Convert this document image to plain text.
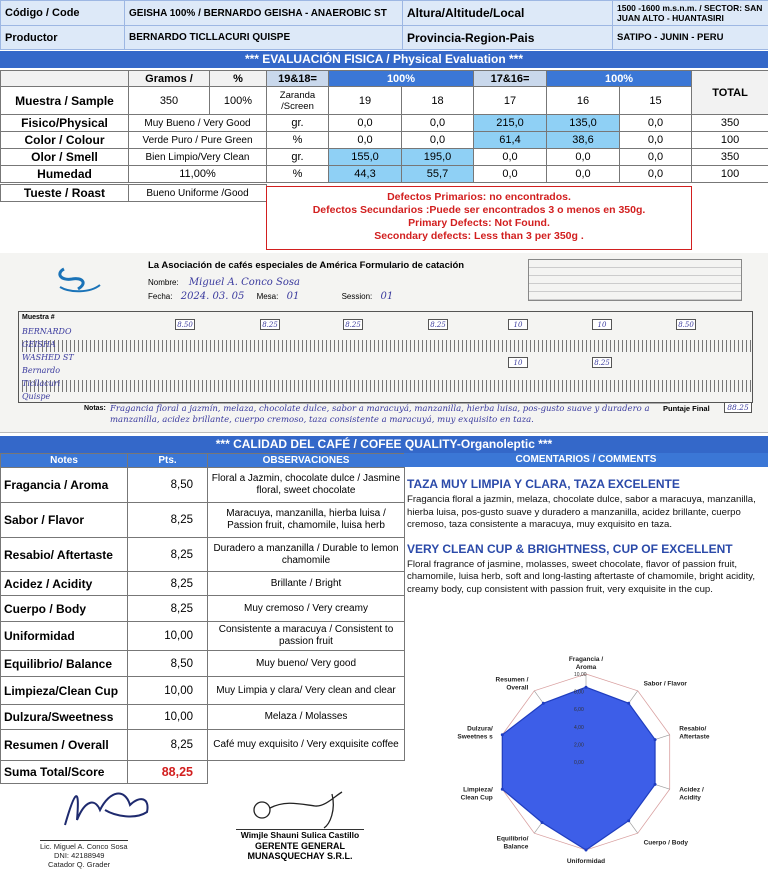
Código / Code	GEISHA 100% / BERNARDO GEISHA - ANAEROBIC ST	Altura/Altitude/Local	1500 -1600 m.s.n.m. / SECTOR: SAN JUAN ALTO - HUANTASIRI
Productor	BERNARDO TICLLACURI QUISPE	Provincia-Region-Pais	SATIPO - JUNIN - PERU
*** EVALUACIÓN FISICA / Physical Evaluation ***
	Gramos /	%	19&18=	100%		17&16=	100%		TOTAL
Muestra / Sample	350	100%	Zaranda /Screen	19	18	17	16	15	
Fisico/Physical	Muy Bueno / Very Good		gr.	0,0	0,0	215,0	135,0	0,0	350
Color / Colour	Verde Puro / Pure Green		%	0,0	0,0	61,4	38,6	0,0	100
Olor / Smell	Bien Limpio/Very Clean		gr.	155,0	195,0	0,0	0,0	0,0	350
Humedad	11,00%		%	44,3	55,7	0,0	0,0	0,0	100
Tueste / Roast	Bueno Uniforme /Good	Defectos Primarios: no encontrados.
Defectos Secundarios :Puede ser encontrados 3 o menos en 350g.
Primary Defects: Not Found.
Secondary defects: Less than 3 per 350g .
La Asociación de cafés especiales de América Formulario de catación
Nombre: Miguel A. Conco Sosa
Fecha: 2024. 03. 05 Mesa: 01	Session: 01
Muestra #
BERNARDO GEISHA WASHED ST Bernardo Ticllacuri Quispe
8.50	8.25	8.25	8.25	10	10	8.50
10	8.25
Puntaje Final	88.25
Notas: Fragancia floral a jazmín, melaza, chocolate dulce, sabor a maracuyá, manzanilla, hierba luisa, pos-gusto suave y duradero a manzanilla, acidez brillante, cuerpo cremoso, taza consistente a maracuyá, muy exquisito en taza.
*** CALIDAD DEL CAFÉ / COFEE QUALITY-Organoleptic ***
Notes	Pts.	OBSERVACIONES
Fragancia / Aroma	8,50	Floral a Jazmin, chocolate dulce / Jasmine floral, sweet chocolate
Sabor / Flavor	8,25	Maracuya, manzanilla, hierba luisa / Passion fruit, chamomile, luisa herb
Resabio/ Aftertaste	8,25	Duradero a manzanilla / Durable to lemon chamomile
Acidez / Acidity	8,25	Brillante / Bright
Cuerpo / Body	8,25	Muy cremoso / Very creamy
Uniformidad	10,00	Consistente a maracuya / Consistent to passion fruit
Equilibrio/ Balance	8,50	Muy bueno/ Very good
Limpieza/Clean Cup	10,00	Muy Limpia y clara/ Very clean and clear
Dulzura/Sweetness	10,00	Melaza / Molasses
Resumen / Overall	8,25	Café muy exquisito / Very exquisite coffee
Suma Total/Score	88,25	
COMENTARIOS / COMMENTS
TAZA MUY LIMPIA Y CLARA, TAZA EXCELENTE

Fragancia floral a jazmin, melaza, chocolate dulce, sabor a maracuya, manzanilla, hierba luisa, pos-gusto suave y duradero a manzanilla, acidez brillante, cuerpo cremoso, taza consistente a maracuya, muy exquisito en taza.

VERY CLEAN CUP & BRIGHTNESS, CUP OF EXCELLENT

Floral fragrance of jasmine, molasses, sweet chocolate, flavor of passion fruit, chamomile, luisa herb, soft and long-lasting aftertaste of chamomile, bright acidity, creamy body, cup consistent with passion fruit, very exquisite in the cup.

0,00
2,00
4,00
6,00
8,00
10,00
Fragancia /
Aroma
Sabor / Flavor
Resabio/
Aftertaste
Acidez /
Acidity
Cuerpo / Body
Uniformidad
Equilibrio/
Balance
Limpieza/
Clean Cup
Dulzura/
Sweetnes s
Resumen /
Overall
Lic. Miguel A. Conco Sosa
DNI: 42188949
Catador Q. Grader
Wimjle Shauni Sulica Castillo
GERENTE GENERAL
MUNASQUECHAY S.R.L.
